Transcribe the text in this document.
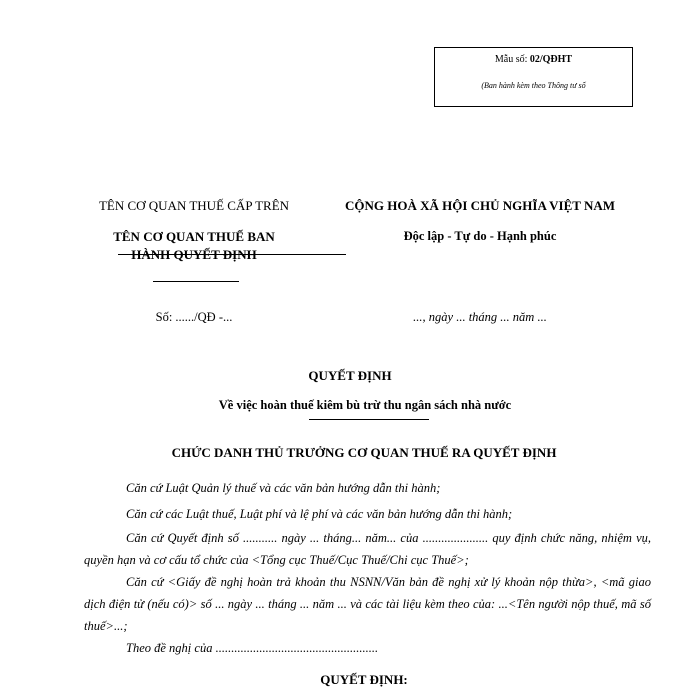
Mẫu số: 02/QĐHT
(Ban hành kèm theo Thông tư số
TÊN CƠ QUAN THUẾ CẤP TRÊN
TÊN CƠ QUAN THUẾ BAN
HÀNH QUYẾT ĐỊNH
CỘNG HOÀ XÃ HỘI CHỦ NGHĨA VIỆT NAM
Độc lập - Tự do - Hạnh phúc
Số: ....../QĐ -...	..., ngày ... tháng ... năm ...
QUYẾT ĐỊNH
Về việc hoàn thuế kiêm bù trừ thu ngân sách nhà nước
CHỨC DANH THỦ TRƯỞNG CƠ QUAN THUẾ RA QUYẾT ĐỊNH
Căn cứ Luật Quản lý thuế và các văn bản hướng dẫn thi hành;
Căn cứ các Luật thuế, Luật phí và lệ phí và các văn bản hướng dẫn thi hành;
Căn cứ Quyết định số ........... ngày ... tháng... năm... của ..................... quy định chức năng, nhiệm vụ, quyền hạn và cơ cấu tổ chức của <Tổng cục Thuế/Cục Thuế/Chi cục Thuế>;
Căn cứ <Giấy đề nghị hoàn trả khoản thu NSNN/Văn bản đề nghị xử lý khoản nộp thừa>, <mã giao dịch điện tử (nếu có)> số ... ngày ... tháng ... năm ... và các tài liệu kèm theo của: ...<Tên người nộp thuế, mã số thuế>...;
Theo đề nghị của ....................................................
QUYẾT ĐỊNH:
